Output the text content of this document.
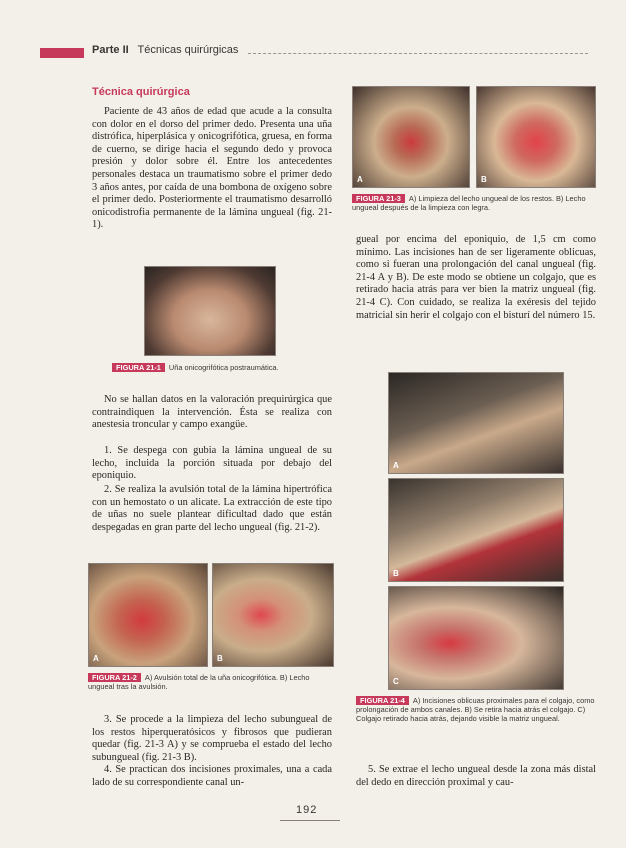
Parte II Técnicas quirúrgicas
Técnica quirúrgica

Paciente de 43 años de edad que acude a la consulta con dolor en el dorso del primer dedo. Presenta una uña distrófica, hiperplásica y onicogrifótica, gruesa, en forma de cuerno, se dirige hacia el segundo dedo y provoca presión y dolor sobre él. Entre los antecedentes personales destaca un traumatismo sobre el primer dedo 3 años antes, por caída de una bombona de oxígeno sobre el primer dedo. Posteriormente el traumatismo desarrolló onicodistrofia permanente de la lámina ungueal (fig. 21-1).

FIGURA 21-1 Uña onicogrifótica postraumática.

No se hallan datos en la valoración prequirúrgica que contraindiquen la intervención. Ésta se realiza con anestesia troncular y campo exangüe.

1. Se despega con gubia la lámina ungueal de su lecho, incluida la porción situada por debajo del eponiquio.

2. Se realiza la avulsión total de la lámina hipertrófica con un hemostato o un alicate. La extracción de este tipo de uñas no suele plantear dificultad dado que están despegadas en gran parte del lecho ungueal (fig. 21-2).

A	B
FIGURA 21-2 A) Avulsión total de la uña onicogrifótica. B) Lecho ungueal tras la avulsión.

3. Se procede a la limpieza del lecho subungueal de los restos hiperqueratósicos y fibrosos que pudieran quedar (fig. 21-3 A) y se comprueba el estado del lecho subungueal (fig. 21-3 B).

4. Se practican dos incisiones proximales, una a cada lado de su correspondiente canal un-

A	B
FIGURA 21-3 A) Limpieza del lecho ungueal de los restos. B) Lecho ungueal después de la limpieza con legra.

gueal por encima del eponiquio, de 1,5 cm como mínimo. Las incisiones han de ser ligeramente oblicuas, como si fueran una prolongación del canal ungueal (fig. 21-4 A y B). De este modo se obtiene un colgajo, que es retirado hacia atrás para ver bien la matriz ungueal (fig. 21-4 C). Con cuidado, se realiza la exéresis del tejido matricial sin herir el colgajo con el bisturí del número 15.

A
B
C
FIGURA 21-4 A) Incisiones oblicuas proximales para el colgajo, como prolongación de ambos canales. B) Se retira hacia atrás el colgajo. C) Colgajo retirado hacia atrás, dejando visible la matriz ungueal.

5. Se extrae el lecho ungueal desde la zona más distal del dedo en dirección proximal y cau-

192
